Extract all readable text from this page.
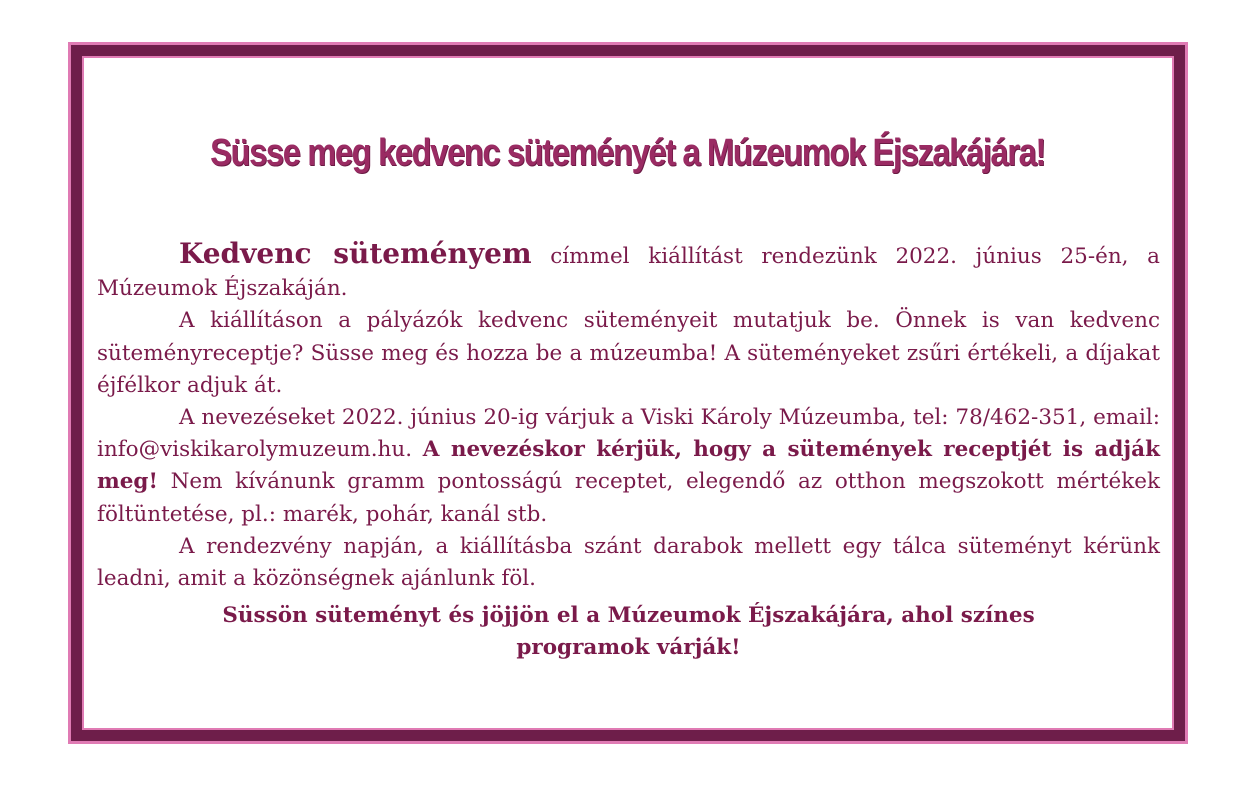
Süsse meg kedvenc süteményét a Múzeumok Éjszakájára!

Kedvenc süteményem címmel kiállítást rendezünk 2022. június 25-én, a Múzeumok Éjszakáján.

A kiállításon a pályázók kedvenc süteményeit mutatjuk be. Önnek is van kedvenc süteményreceptje? Süsse meg és hozza be a múzeumba! A süteményeket zsűri értékeli, a díjakat éjfélkor adjuk át.

A nevezéseket 2022. június 20-ig várjuk a Viski Károly Múzeumba, tel: 78/462-351, email: info@viskikarolymuzeum.hu. A nevezéskor kérjük, hogy a sütemények receptjét is adják meg! Nem kívánunk gramm pontosságú receptet, elegendő az otthon megszokott mértékek föltüntetése, pl.: marék, pohár, kanál stb.

A rendezvény napján, a kiállításba szánt darabok mellett egy tálca süteményt kérünk leadni, amit a közönségnek ajánlunk föl.

Süssön süteményt és jöjjön el a Múzeumok Éjszakájára, ahol színes
programok várják!
